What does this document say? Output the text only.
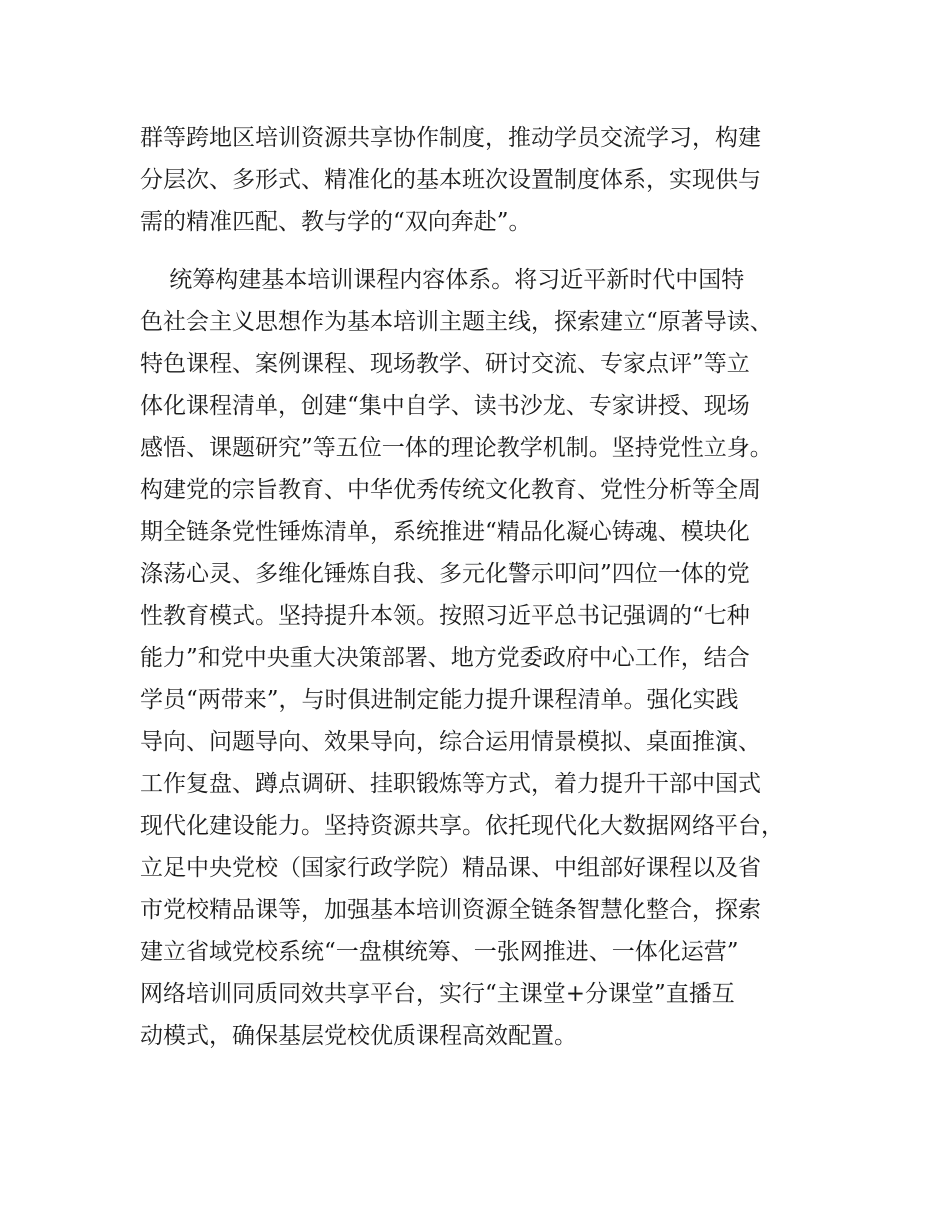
群等跨地区培训资源共享协作制度，推动学员交流学习，构建
分层次、多形式、精准化的基本班次设置制度体系，实现供与
需的精准匹配、教与学的“双向奔赴”。
统筹构建基本培训课程内容体系。将习近平新时代中国特
色社会主义思想作为基本培训主题主线，探索建立“原著导读、
特色课程、案例课程、现场教学、研讨交流、专家点评”等立
体化课程清单，创建“集中自学、读书沙龙、专家讲授、现场
感悟、课题研究”等五位一体的理论教学机制。坚持党性立身。
构建党的宗旨教育、中华优秀传统文化教育、党性分析等全周
期全链条党性锤炼清单，系统推进“精品化凝心铸魂、模块化
涤荡心灵、多维化锤炼自我、多元化警示叩问”四位一体的党
性教育模式。坚持提升本领。按照习近平总书记强调的“七种
能力”和党中央重大决策部署、地方党委政府中心工作，结合
学员“两带来”，与时俱进制定能力提升课程清单。强化实践
导向、问题导向、效果导向，综合运用情景模拟、桌面推演、
工作复盘、蹲点调研、挂职锻炼等方式，着力提升干部中国式
现代化建设能力。坚持资源共享。依托现代化大数据网络平台，
立足中央党校（国家行政学院）精品课、中组部好课程以及省
市党校精品课等，加强基本培训资源全链条智慧化整合，探索
建立省域党校系统“一盘棋统筹、一张网推进、一体化运营”
网络培训同质同效共享平台，实行“主课堂+分课堂”直播互
动模式，确保基层党校优质课程高效配置。
